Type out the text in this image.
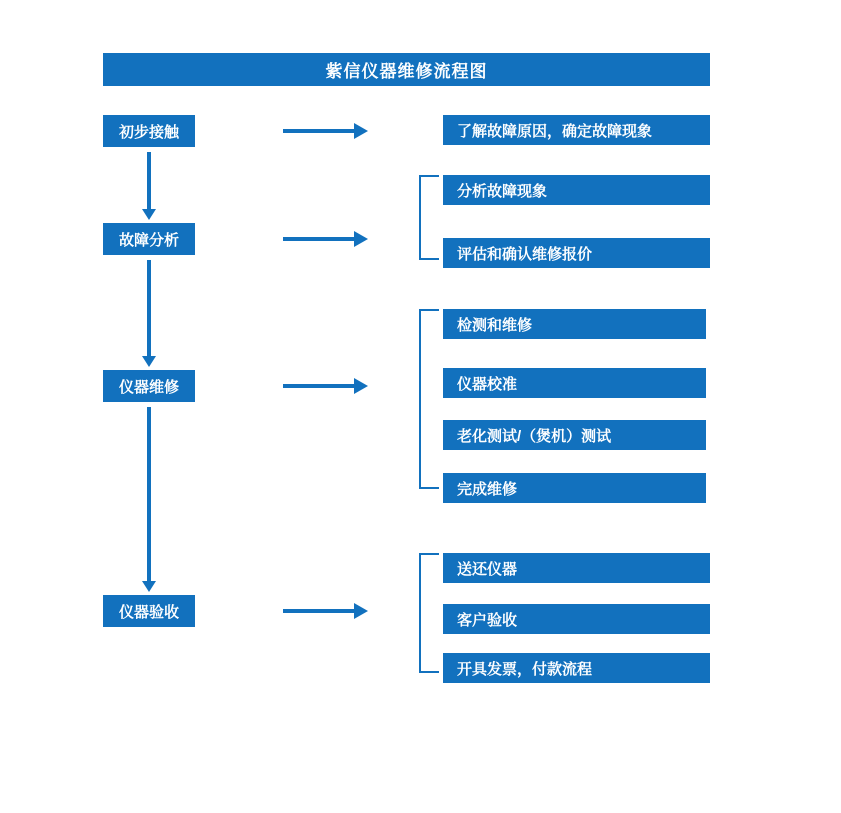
紫信仪器维修流程图
初步接触
故障分析
仪器维修
仪器验收
了解故障原因，确定故障现象
分析故障现象
评估和确认维修报价
检测和维修
仪器校准
老化测试/（煲机）测试
完成维修
送还仪器
客户验收
开具发票，付款流程
